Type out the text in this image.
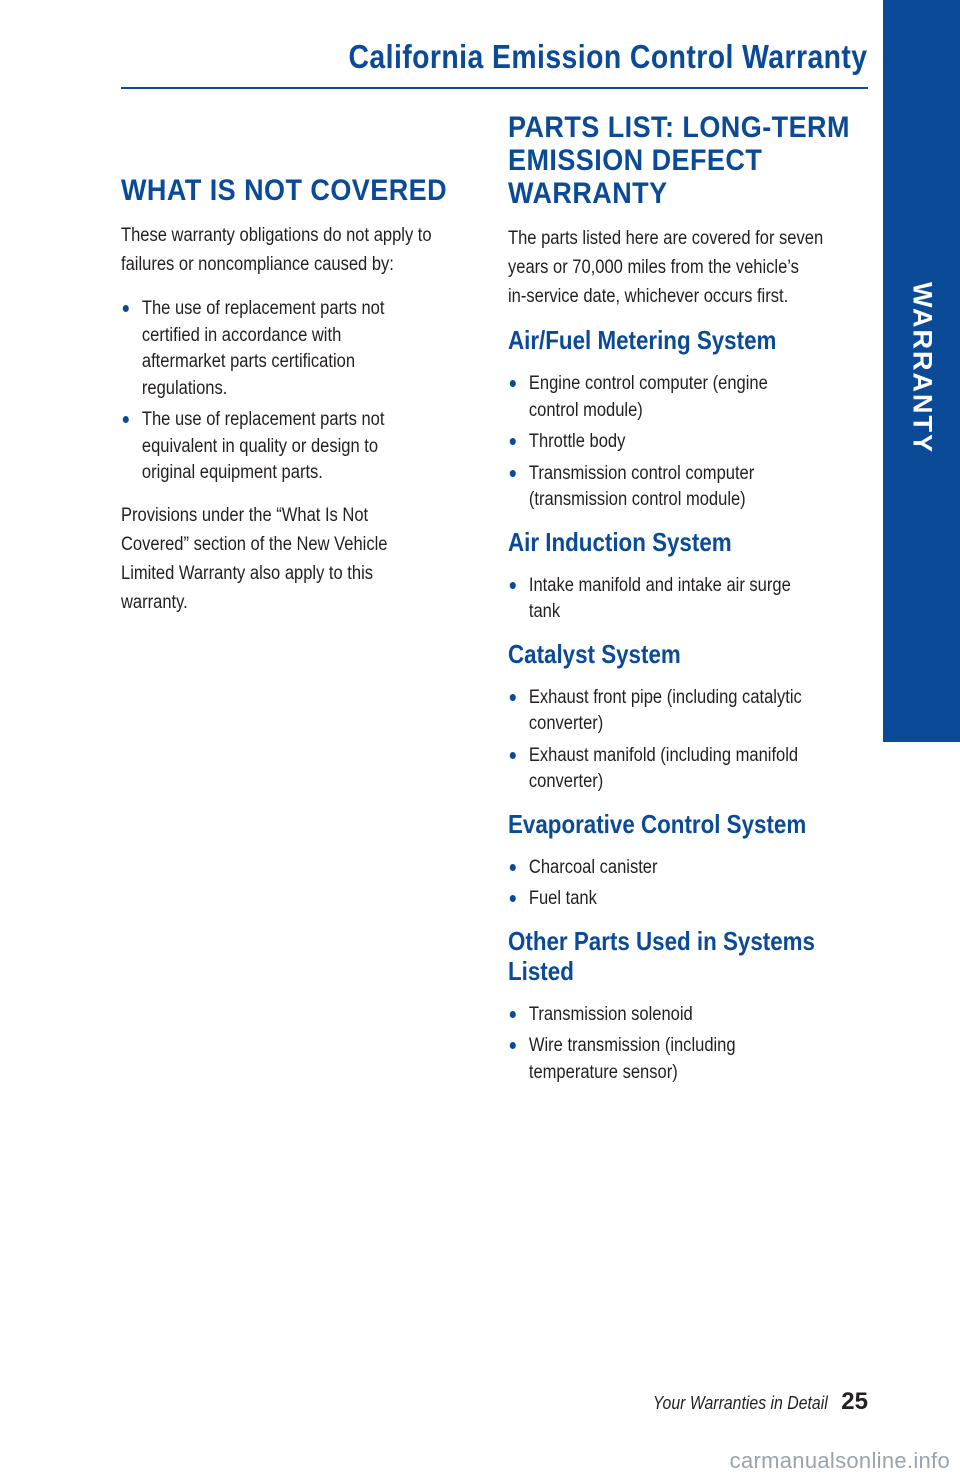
WARRANTY
California Emission Control Warranty
WHAT IS NOT COVERED

These warranty obligations do not apply to

failures or noncompliance caused by:

The use of replacement parts not
certified in accordance with
aftermarket parts certification
regulations.
The use of replacement parts not
equivalent in quality or design to
original equipment parts.

Provisions under the “What Is Not

Covered” section of the New Vehicle

Limited Warranty also apply to this

warranty.

PARTS LIST: LONG-TERM
EMISSION DEFECT
WARRANTY

The parts listed here are covered for seven

years or 70,000 miles from the vehicle’s

in-service date, whichever occurs first.

Air/Fuel Metering System
Engine control computer (engine
control module)
Throttle body
Transmission control computer
(transmission control module)
Air Induction System
Intake manifold and intake air surge
tank
Catalyst System
Exhaust front pipe (including catalytic
converter)
Exhaust manifold (including manifold
converter)
Evaporative Control System
Charcoal canister
Fuel tank
Other Parts Used in Systems
Listed
Transmission solenoid
Wire transmission (including
temperature sensor)
Your Warranties in Detail 25
carmanualsonline.info
